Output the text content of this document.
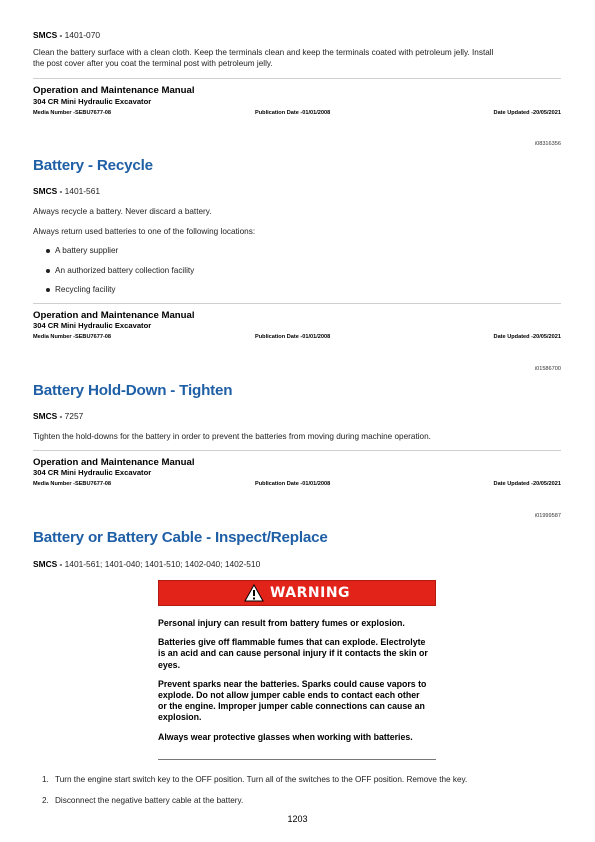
SMCS - 1401-070
Clean the battery surface with a clean cloth. Keep the terminals clean and keep the terminals coated with petroleum jelly. Install
the post cover after you coat the terminal post with petroleum jelly.
Operation and Maintenance Manual
304 CR Mini Hydraulic Excavator
Media Number -SEBU7677-08	Publication Date -01/01/2008	Date Updated -20/05/2021
i08316356
Battery - Recycle
SMCS - 1401-561
Always recycle a battery. Never discard a battery.
Always return used batteries to one of the following locations:
A battery supplier
An authorized battery collection facility
Recycling facility
Operation and Maintenance Manual
304 CR Mini Hydraulic Excavator
Media Number -SEBU7677-08	Publication Date -01/01/2008	Date Updated -20/05/2021
i01586700
Battery Hold-Down - Tighten
SMCS - 7257
Tighten the hold-downs for the battery in order to prevent the batteries from moving during machine operation.
Operation and Maintenance Manual
304 CR Mini Hydraulic Excavator
Media Number -SEBU7677-08	Publication Date -01/01/2008	Date Updated -20/05/2021
i01999587
Battery or Battery Cable - Inspect/Replace
SMCS - 1401-561; 1401-040; 1401-510; 1402-040; 1402-510
WARNING
Personal injury can result from battery fumes or explosion.
Batteries give off flammable fumes that can explode. Electrolyte
is an acid and can cause personal injury if it contacts the skin or
eyes.
Prevent sparks near the batteries. Sparks could cause vapors to
explode. Do not allow jumper cable ends to contact each other
or the engine. Improper jumper cable connections can cause an
explosion.
Always wear protective glasses when working with batteries.
1. Turn the engine start switch key to the OFF position. Turn all of the switches to the OFF position. Remove the key.
2. Disconnect the negative battery cable at the battery.
1203
